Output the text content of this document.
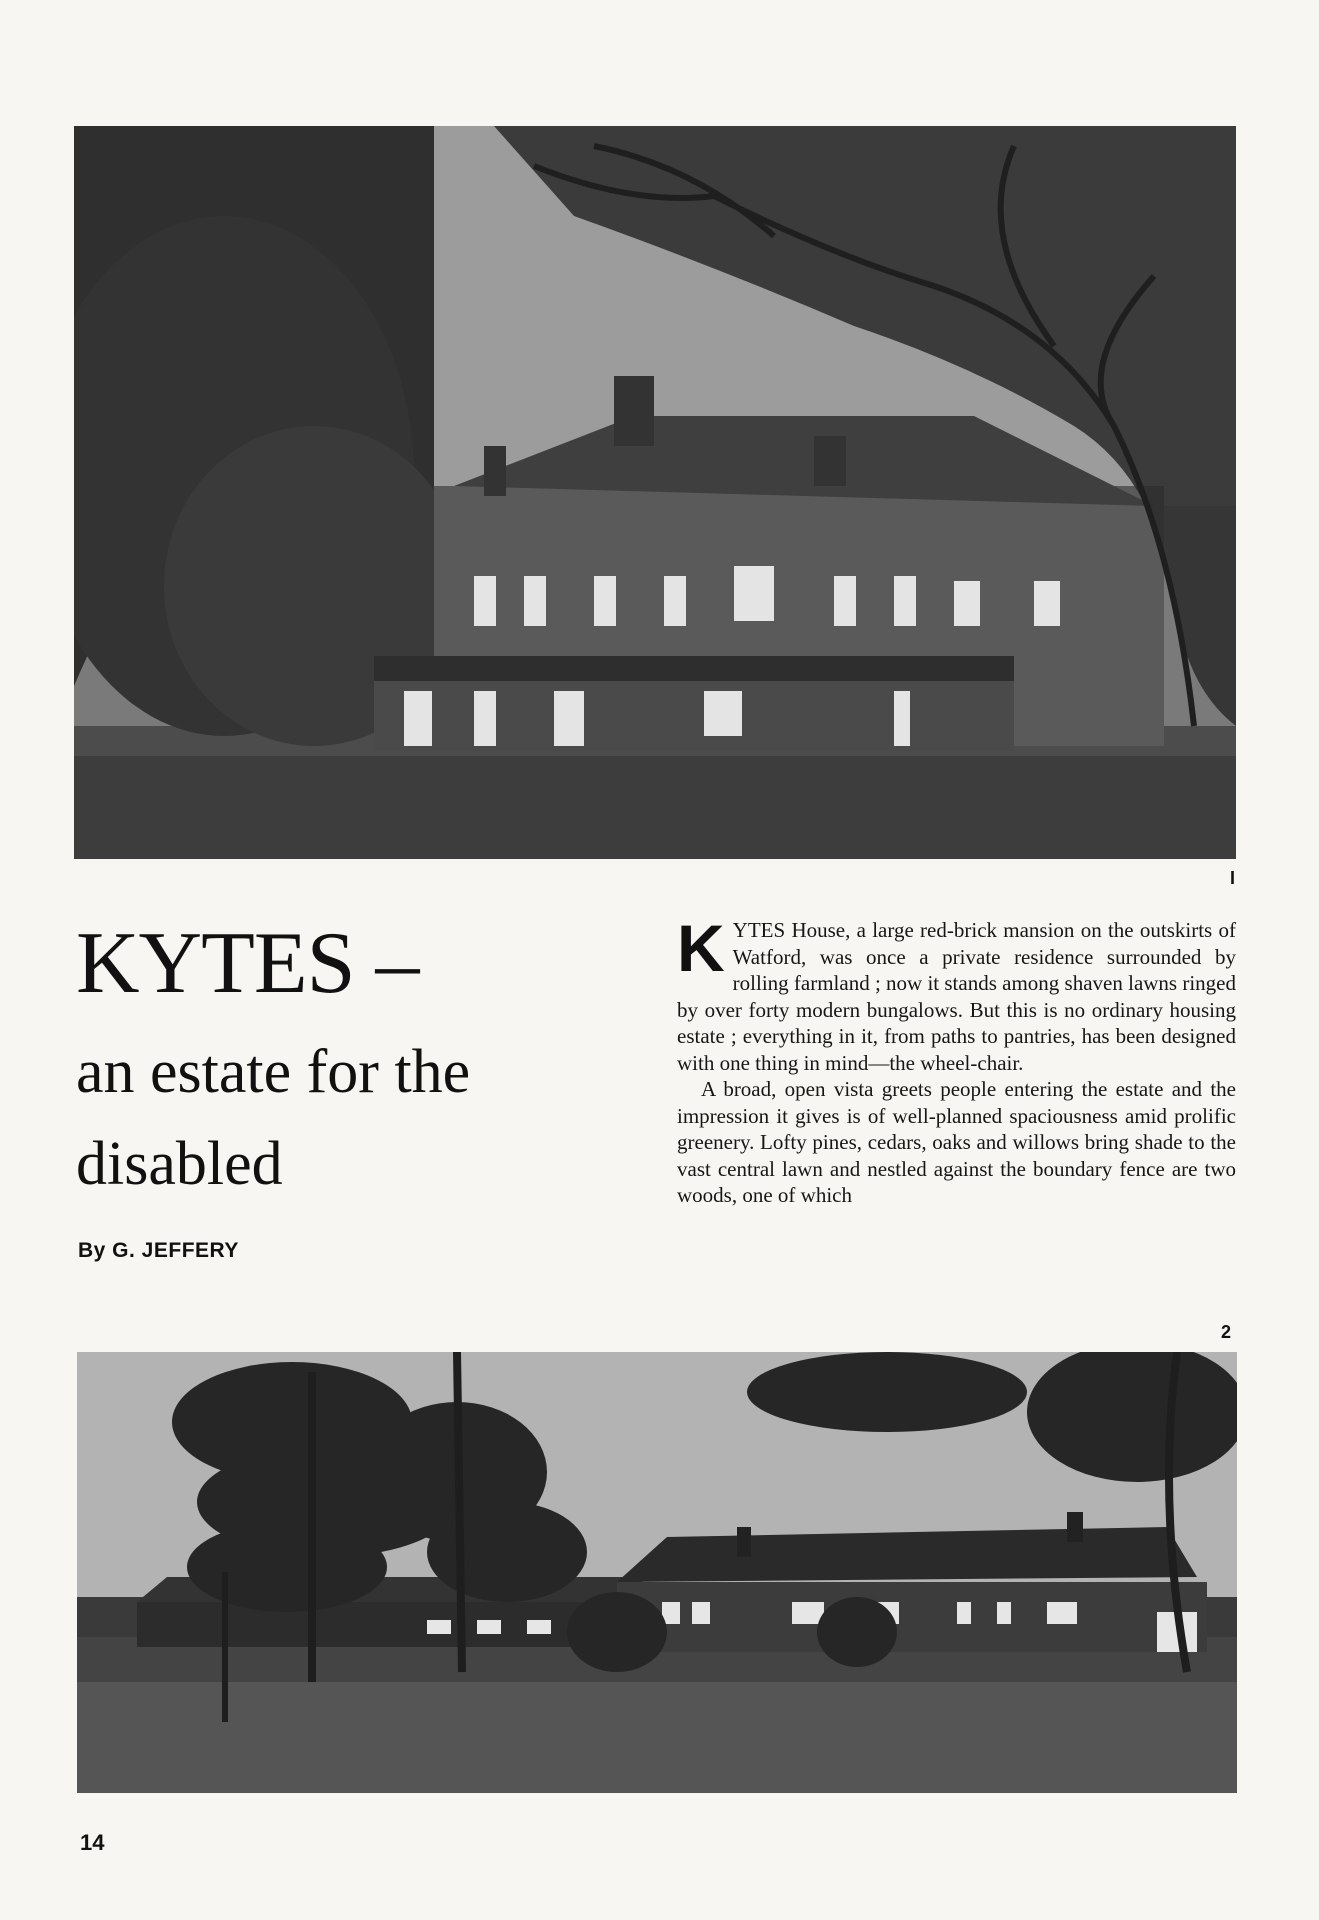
I
KYTES –
an estate for the disabled

By G. JEFFERY

KYTES House, a large red-brick mansion on the outskirts of Watford, was once a private residence surrounded by rolling farmland ; now it stands among shaven lawns ringed by over forty modern bungalows. But this is no ordinary housing estate ; everything in it, from paths to pantries, has been designed with one thing in mind—the wheel-chair.

A broad, open vista greets people entering the estate and the impression it gives is of well-planned spaciousness amid prolific greenery. Lofty pines, cedars, oaks and willows bring shade to the vast central lawn and nestled against the boundary fence are two woods, one of which

2
14
